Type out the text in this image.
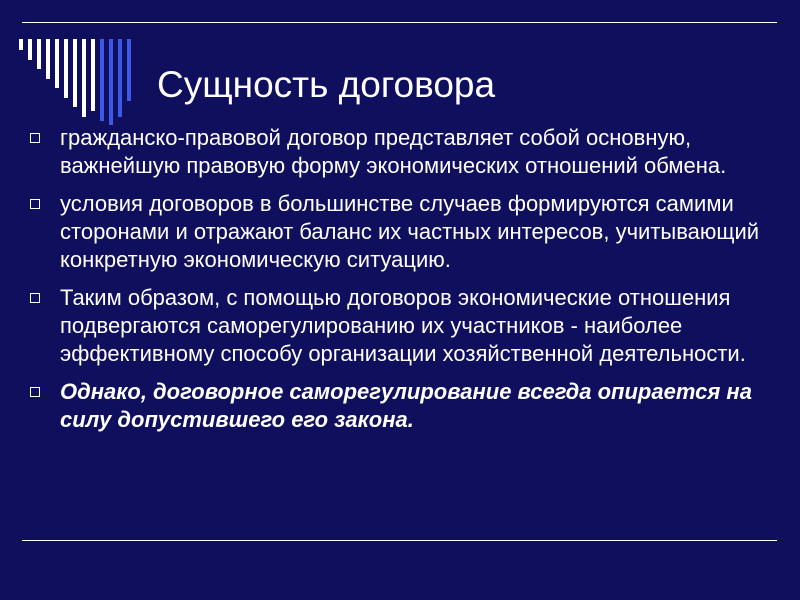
Сущность договора
гражданско-правовой договор представляет собой основную, важнейшую правовую форму экономических отношений обмена.
условия договоров в большинстве случаев формируются самими сторонами и отражают баланс их частных интересов, учитывающий конкретную экономическую ситуацию.
Таким образом, с помощью договоров экономические отношения подвергаются саморегулированию их участников - наиболее эффективному способу организации хозяйственной деятельности.
Однако, договорное саморегулирование всегда опирается на силу допустившего его закона.
